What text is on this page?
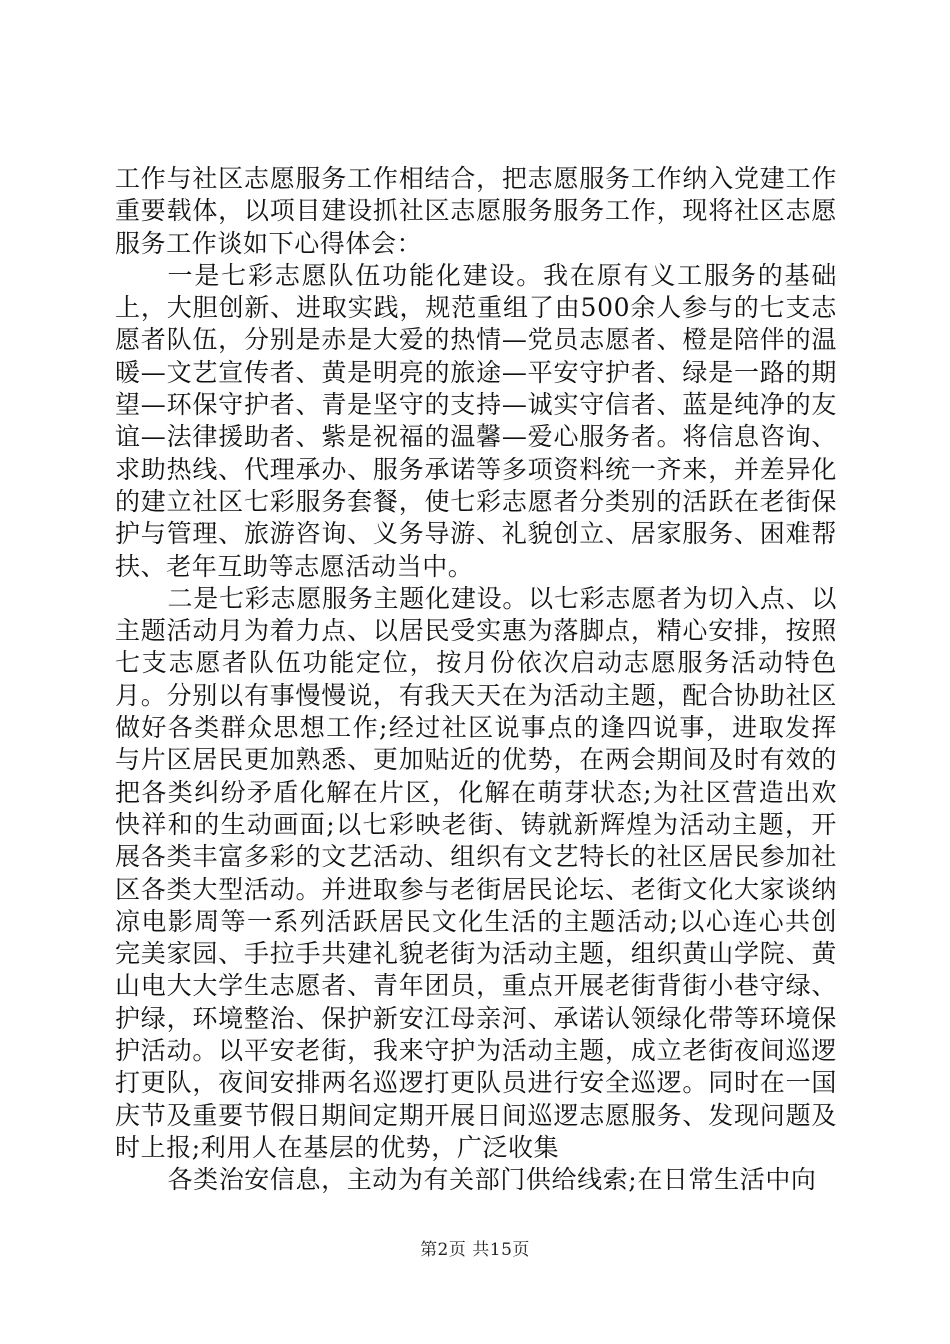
工作与社区志愿服务工作相结合，把志愿服务工作纳入党建工作重要载体，以项目建设抓社区志愿服务服务工作，现将社区志愿服务工作谈如下心得体会：

一是七彩志愿队伍功能化建设。我在原有义工服务的基础上，大胆创新、进取实践，规范重组了由500余人参与的七支志愿者队伍，分别是赤是大爱的热情—党员志愿者、橙是陪伴的温暖—文艺宣传者、黄是明亮的旅途—平安守护者、绿是一路的期望—环保守护者、青是坚守的支持—诚实守信者、蓝是纯净的友谊—法律援助者、紫是祝福的温馨—爱心服务者。将信息咨询、求助热线、代理承办、服务承诺等多项资料统一齐来，并差异化的建立社区七彩服务套餐，使七彩志愿者分类别的活跃在老街保护与管理、旅游咨询、义务导游、礼貌创立、居家服务、困难帮扶、老年互助等志愿活动当中。

二是七彩志愿服务主题化建设。以七彩志愿者为切入点、以主题活动月为着力点、以居民受实惠为落脚点，精心安排，按照七支志愿者队伍功能定位，按月份依次启动志愿服务活动特色月。分别以有事慢慢说，有我天天在为活动主题，配合协助社区做好各类群众思想工作;经过社区说事点的逢四说事，进取发挥与片区居民更加熟悉、更加贴近的优势，在两会期间及时有效的把各类纠纷矛盾化解在片区，化解在萌芽状态;为社区营造出欢快祥和的生动画面;以七彩映老街、铸就新辉煌为活动主题，开展各类丰富多彩的文艺活动、组织有文艺特长的社区居民参加社区各类大型活动。并进取参与老街居民论坛、老街文化大家谈纳凉电影周等一系列活跃居民文化生活的主题活动;以心连心共创完美家园、手拉手共建礼貌老街为活动主题，组织黄山学院、黄山电大大学生志愿者、青年团员，重点开展老街背街小巷守绿、护绿，环境整治、保护新安江母亲河、承诺认领绿化带等环境保护活动。以平安老街，我来守护为活动主题，成立老街夜间巡逻打更队，夜间安排两名巡逻打更队员进行安全巡逻。同时在一国庆节及重要节假日期间定期开展日间巡逻志愿服务、发现问题及时上报;利用人在基层的优势，广泛收集

各类治安信息，主动为有关部门供给线索;在日常生活中向

第2页 共15页
